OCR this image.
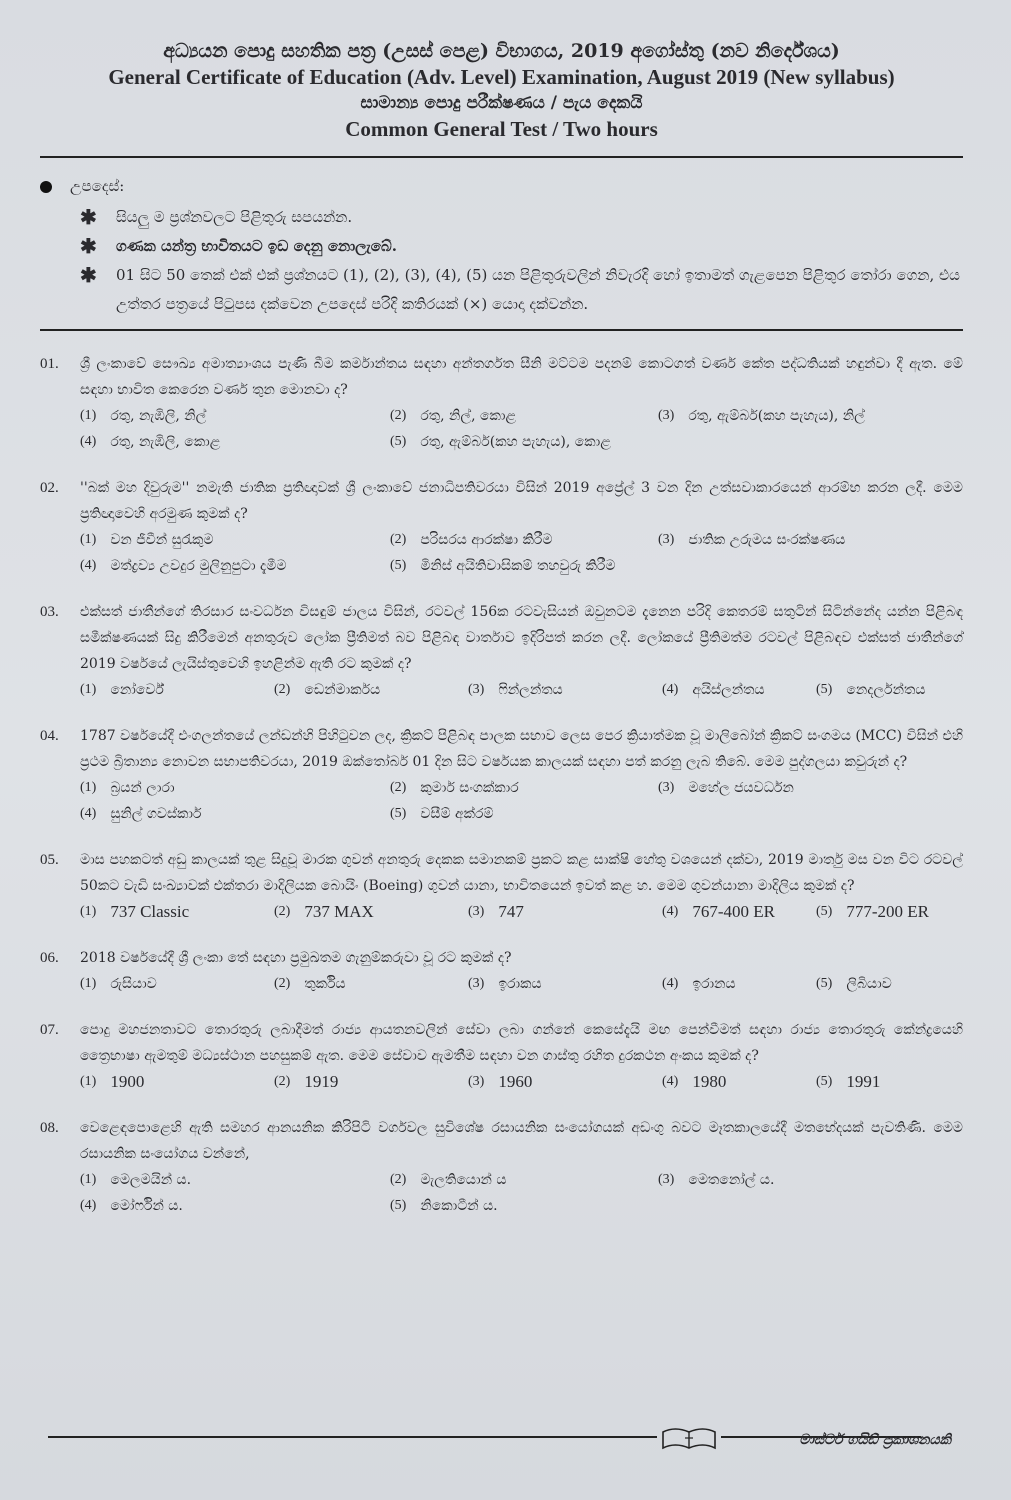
අධ්‍යයන පොදු සහතික පත්‍ර (උසස් පෙළ) විභාගය, 2019 අගෝස්තු (නව නිර්දේශය)
General Certificate of Education (Adv. Level) Examination, August 2019 (New syllabus)
සාමාන්‍ය පොදු පරීක්ෂණය / පැය දෙකයි
Common General Test / Two hours
උපදෙස්:
✱ සියලු ම ප්‍රශ්නවලට පිළිතුරු සපයන්න.
✱ ගණක යන්ත්‍ර භාවිතයට ඉඩ දෙනු නොලැබේ.
✱ 01 සිට 50 තෙක් එක් එක් ප්‍රශ්නයට (1), (2), (3), (4), (5) යන පිළිතුරුවලින් නිවැරදි හෝ ඉතාමත් ගැළපෙන පිළිතුර තෝරා ගෙන, එය උත්තර පත්‍රයේ පිටුපස දක්වෙන උපදෙස් පරිදි කතිරයක් (×) යොදා දක්වන්න.
01.	ශ්‍රී ලංකාවේ සෞඛ්‍ය අමාත්‍යාංශය පැණි බීම කර්මාන්තය සඳහා අන්තර්ගත සීනි මට්ටම පදනම් කොටගත් වර්ණ කේත පද්ධතියක් හඳුන්වා දී ඇත. මේ සඳහා භාවිත කෙරෙන වර්ණ තුන මොනවා ද?
(1) රතු, නැඹිලි, නිල්	(2) රතු, නිල්, කොළ	(3) රතු, ඇම්බර්(කහ පැහැය), නිල්
(4) රතු, නැඹිලි, කොළ	(5) රතු, ඇම්බර්(කහ පැහැය), කොළ
02.	''බක් මහ දිවුරුම'' නමැති ජාතික ප්‍රතිඥාවක් ශ්‍රී ලංකාවේ ජනාධිපතිවරයා විසින් 2019 අප්‍රේල් 3 වන දින උත්සවාකාරයෙන් ආරම්භ කරන ලදී. මෙම ප්‍රතිඥාවෙහි අරමුණ කුමක් ද?
(1) වන ජීවීන් සුරැකුම	(2) පරිසරය ආරක්ෂා කිරීම	(3) ජාතික උරුමය සංරක්ෂණය
(4) මත්ද්‍රව්‍ය උවදුර මුලිනුපුටා දැමීම	(5) මිනිස් අයිතිවාසිකම් තහවුරු කිරීම
03.	එක්සත් ජාතීන්ගේ තිරසාර සංවර්ධන විසඳුම් ජාලය විසින්, රටවල් 156ක රටවැසියන් ඔවුනටම දැනෙන පරිදි කෙතරම් සතුටින් සිටින්නේද යන්න පිළිබඳ සමීක්ෂණයක් සිදු කිරීමෙන් අනතුරුව ලෝක ප්‍රීතිමත් බව පිළිබඳ වාර්තාව ඉදිරිපත් කරන ලදී. ලෝකයේ ප්‍රීතිමත්ම රටවල් පිළිබඳව එක්සත් ජාතීන්ගේ 2019 වර්ෂයේ ලැයිස්තුවෙහි ඉහළින්ම ඇති රට කුමක් ද?
(1) නෝර්වේ	(2) ඩෙන්මාර්කය	(3) ෆින්ලන්තය	(4) අයිස්ලන්තය	(5) නෙදර්ලන්තය
04.	1787 වර්ෂයේදී එංගලන්තයේ ලන්ඩන්හි පිහිටුවන ලද, ක්‍රිකට් පිළිබඳ පාලක සභාව ලෙස පෙර ක්‍රියාත්මක වූ මාලිබෝන් ක්‍රිකට් සංගමය (MCC) විසින් එහි ප්‍රථම බ්‍රිතාන්‍ය නොවන සභාපතිවරයා, 2019 ඔක්තෝබර් 01 දින සිට වර්ෂයක කාලයක් සඳහා පත් කරනු ලැබ තිබේ. මෙම පුද්ගලයා කවුරුන් ද?
(1) බ්‍රයන් ලාරා	(2) කුමාර් සංගක්කාර	(3) මහේල ජයවර්ධන
(4) සුනිල් ගවස්කාර්	(5) වසීම් අක්රම්
05.	මාස පහකටත් අඩු කාලයක් තුළ සිදුවූ මාරක ගුවන් අනතුරු දෙකක සමානකම් ප්‍රකට කළ සාක්ෂි හේතු වශයෙන් දක්වා, 2019 මාර්තු මස වන විට රටවල් 50කට වැඩි සංඛ්‍යාවක් එක්තරා මාදිලියක බොයිං (Boeing) ගුවන් යානා, භාවිතයෙන් ඉවත් කළ හ. මෙම ගුවන්යානා මාදිලිය කුමක් ද?
(1) 737 Classic	(2) 737 MAX	(3) 747	(4) 767-400 ER	(5) 777-200 ER
06.	2018 වර්ෂයේදී ශ්‍රී ලංකා තේ සඳහා ප්‍රමුඛතම ගැනුම්කරුවා වූ රට කුමක් ද?
(1) රුසියාව	(2) තුර්කිය	(3) ඉරාකය	(4) ඉරානය	(5) ලිබියාව
07.	පොදු මහජනතාවට තොරතුරු ලබාදීමත් රාජ්‍ය ආයතනවලින් සේවා ලබා ගන්නේ කෙසේදැයි මඟ පෙන්වීමත් සඳහා රාජ්‍ය තොරතුරු කේන්ද්‍රයෙහි ත්‍රෛභාෂා ඇමතුම් මධ්‍යස්ථාන පහසුකම් ඇත. මෙම සේවාව ඇමතීම සඳහා වන ගාස්තු රහිත දුරකථන අංකය කුමක් ද?
(1) 1900	(2) 1919	(3) 1960	(4) 1980	(5) 1991
08.	වෙළෙඳපොළෙහි ඇති සමහර ආනයනික කිරිපිටි වර්ගවල සුවිශේෂ රසායනික සංයෝගයක් අඩංගු බවට මෑතකාලයේදී මතභේදයක් පැවතිණි. මෙම රසායනික සංයෝගය වන්නේ,
(1) මෙලමයින් ය.	(2) මැලතියොන් ය	(3) මෙතනෝල් ය.
(4) මෝර්ෆින් ය.	(5) නිකොටීන් ය.
මාස්ටර් ගයිඩ් ප්‍රකාශනයකි
